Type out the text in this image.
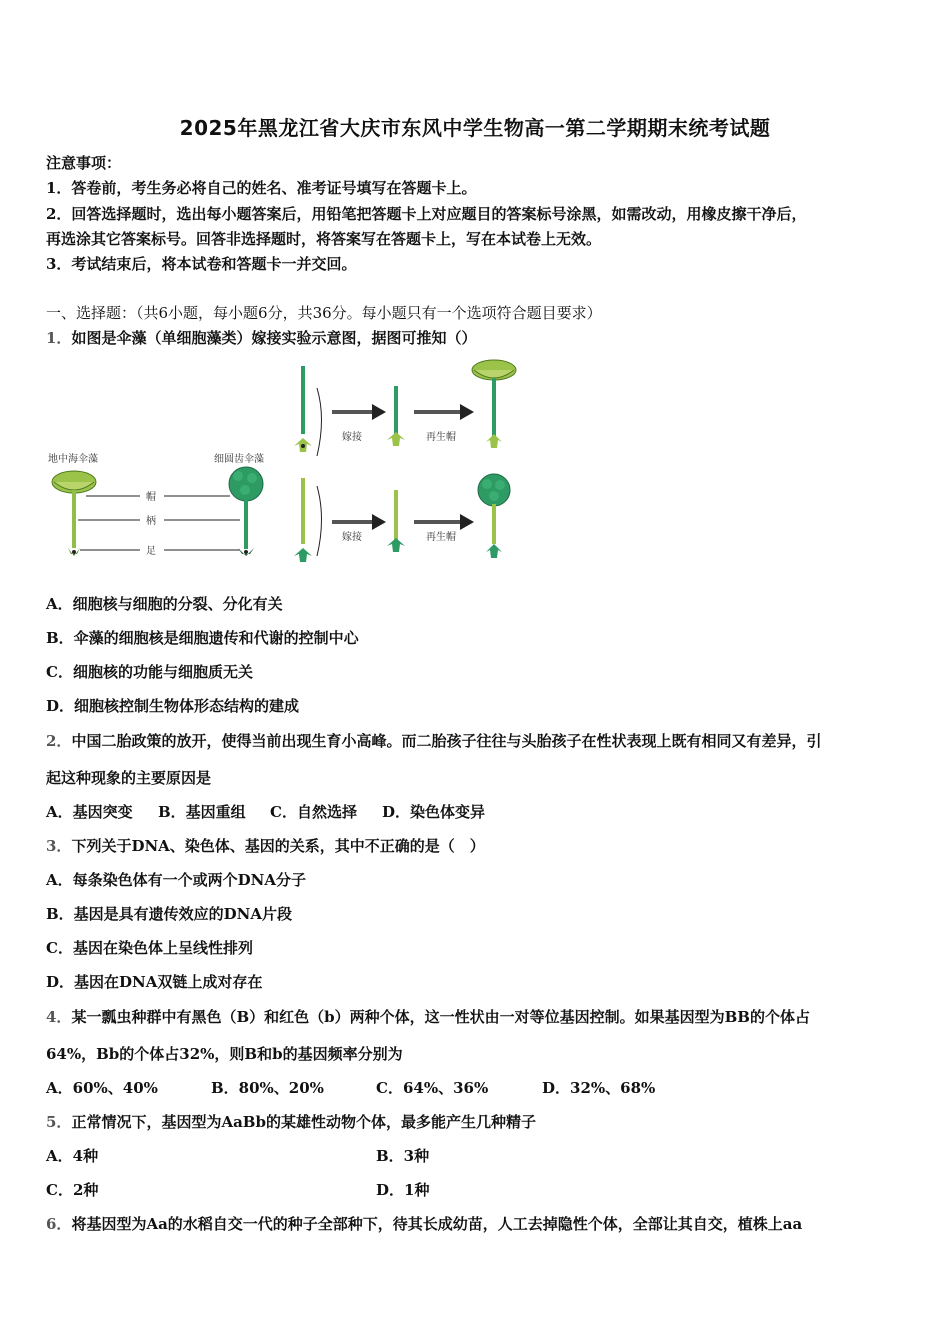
2025年黑龙江省大庆市东风中学生物高一第二学期期末统考试题
注意事项：
1．答卷前，考生务必将自己的姓名、准考证号填写在答题卡上。
2．回答选择题时，选出每小题答案后，用铅笔把答题卡上对应题目的答案标号涂黑，如需改动，用橡皮擦干净后，
再选涂其它答案标号。回答非选择题时，将答案写在答题卡上，写在本试卷上无效。
3．考试结束后，将本试卷和答题卡一并交回。
一、选择题：（共6小题，每小题6分，共36分。每小题只有一个选项符合题目要求）
1．如图是伞藻（单细胞藻类）嫁接实验示意图，据图可推知（）
地中海伞藻
帽
柄
足
细圆齿伞藻
嫁接	再生帽
嫁接	再生帽
A．细胞核与细胞的分裂、分化有关
B．伞藻的细胞核是细胞遗传和代谢的控制中心
C．细胞核的功能与细胞质无关
D．细胞核控制生物体形态结构的建成
2．中国二胎政策的放开，使得当前出现生育小高峰。而二胎孩子往往与头胎孩子在性状表现上既有相同又有差异，引
起这种现象的主要原因是
A．基因突变 B．基因重组 C．自然选择 D．染色体变异
3．下列关于DNA、染色体、基因的关系，其中不正确的是（　）
A．每条染色体有一个或两个DNA分子
B．基因是具有遗传效应的DNA片段
C．基因在染色体上呈线性排列
D．基因在DNA双链上成对存在
4．某一瓢虫种群中有黑色（B）和红色（b）两种个体，这一性状由一对等位基因控制。如果基因型为BB的个体占
64%，Bb的个体占32%，则B和b的基因频率分别为
A．60%、40%	B．80%、20%	C．64%、36%	D．32%、68%
5．正常情况下，基因型为AaBb的某雄性动物个体，最多能产生几种精子
A．4种	B．3种
C．2种	D．1种
6．将基因型为Aa的水稻自交一代的种子全部种下，待其长成幼苗，人工去掉隐性个体，全部让其自交，植株上aa
